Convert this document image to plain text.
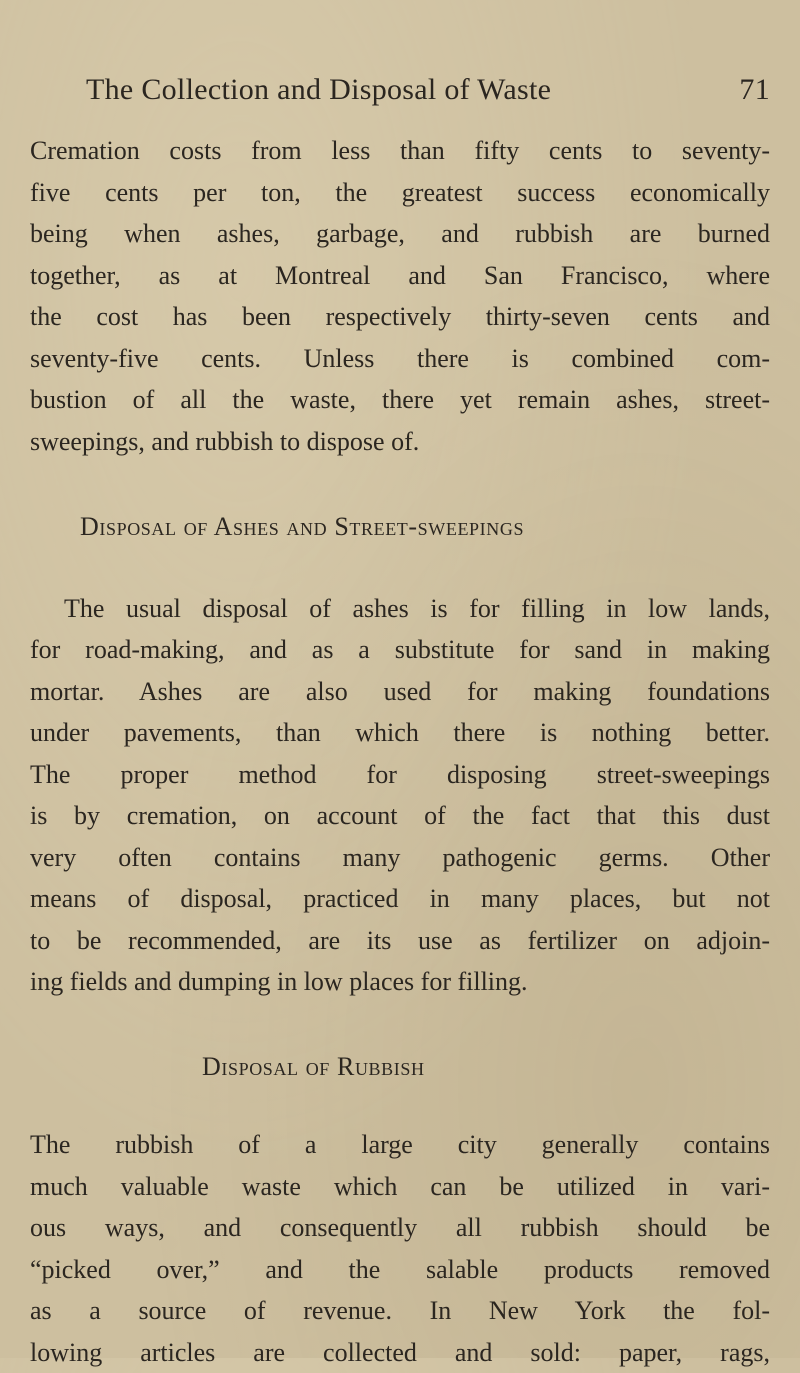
The Collection and Disposal of Waste	71

Cremation costs from less than fifty cents to seventy-
five cents per ton, the greatest success economically
being when ashes, garbage, and rubbish are burned
together, as at Montreal and San Francisco, where
the cost has been respectively thirty-seven cents and
seventy-five cents. Unless there is combined com-
bustion of all the waste, there yet remain ashes, street-
sweepings, and rubbish to dispose of.

Disposal of Ashes and Street-sweepings

The usual disposal of ashes is for filling in low lands,
for road-making, and as a substitute for sand in making
mortar. Ashes are also used for making foundations
under pavements, than which there is nothing better.
The proper method for disposing street-sweepings
is by cremation, on account of the fact that this dust
very often contains many pathogenic germs. Other
means of disposal, practiced in many places, but not
to be recommended, are its use as fertilizer on adjoin-
ing fields and dumping in low places for filling.

Disposal of Rubbish

The rubbish of a large city generally contains
much valuable waste which can be utilized in vari-
ous ways, and consequently all rubbish should be
“picked over,” and the salable products removed
as a source of revenue. In New York the fol-
lowing articles are collected and sold: paper, rags,
